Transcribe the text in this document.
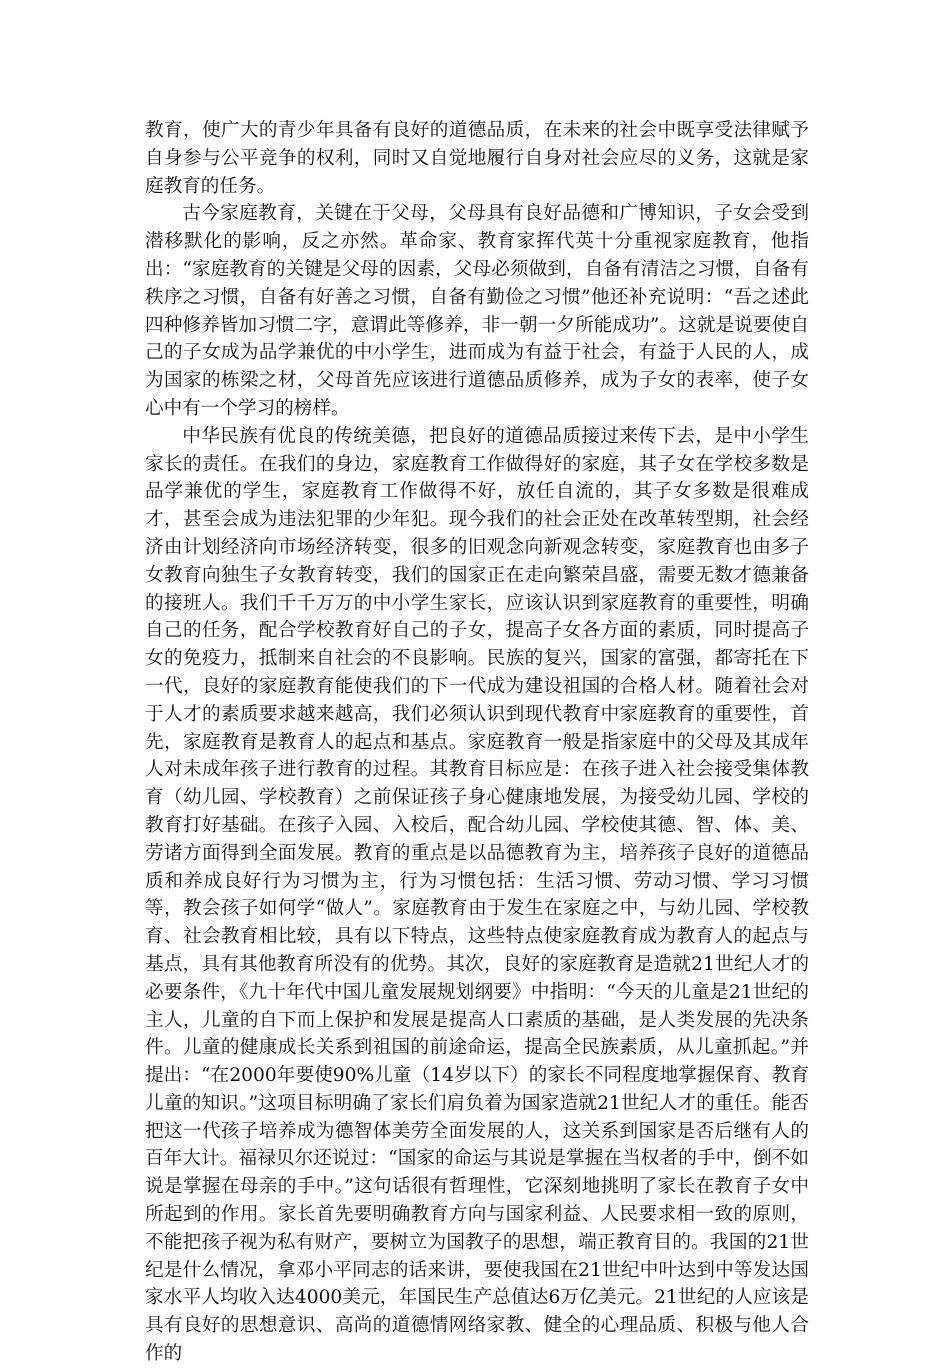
教育，使广大的青少年具备有良好的道德品质，在未来的社会中既享受法律赋予自身参与公平竞争的权利，同时又自觉地履行自身对社会应尽的义务，这就是家庭教育的任务。

古今家庭教育，关键在于父母，父母具有良好品德和广博知识，子女会受到潜移默化的影响，反之亦然。革命家、教育家挥代英十分重视家庭教育，他指出：“家庭教育的关键是父母的因素，父母必须做到，自备有清洁之习惯，自备有秩序之习惯，自备有好善之习惯，自备有勤俭之习惯”他还补充说明：“吾之述此四种修养皆加习惯二字，意谓此等修养，非一朝一夕所能成功”。这就是说要使自己的子女成为品学兼优的中小学生，进而成为有益于社会，有益于人民的人，成为国家的栋梁之材，父母首先应该进行道德品质修养，成为子女的表率，使子女心中有一个学习的榜样。

中华民族有优良的传统美德，把良好的道德品质接过来传下去，是中小学生家长的责任。在我们的身边，家庭教育工作做得好的家庭，其子女在学校多数是品学兼优的学生，家庭教育工作做得不好，放任自流的，其子女多数是很难成才，甚至会成为违法犯罪的少年犯。现今我们的社会正处在改革转型期，社会经济由计划经济向市场经济转变，很多的旧观念向新观念转变，家庭教育也由多子女教育向独生子女教育转变，我们的国家正在走向繁荣昌盛，需要无数才德兼备的接班人。我们千千万万的中小学生家长，应该认识到家庭教育的重要性，明确自己的任务，配合学校教育好自己的子女，提高子女各方面的素质，同时提高子女的免疫力，抵制来自社会的不良影响。民族的复兴，国家的富强，都寄托在下一代，良好的家庭教育能使我们的下一代成为建设祖国的合格人材。随着社会对于人才的素质要求越来越高，我们必须认识到现代教育中家庭教育的重要性，首先，家庭教育是教育人的起点和基点。家庭教育一般是指家庭中的父母及其成年人对未成年孩子进行教育的过程。其教育目标应是：在孩子进入社会接受集体教育（幼儿园、学校教育）之前保证孩子身心健康地发展，为接受幼儿园、学校的教育打好基础。在孩子入园、入校后，配合幼儿园、学校使其德、智、体、美、劳诸方面得到全面发展。教育的重点是以品德教育为主，培养孩子良好的道德品质和养成良好行为习惯为主，行为习惯包括：生活习惯、劳动习惯、学习习惯等，教会孩子如何学“做人”。家庭教育由于发生在家庭之中，与幼儿园、学校教育、社会教育相比较，具有以下特点，这些特点使家庭教育成为教育人的起点与基点，具有其他教育所没有的优势。其次，良好的家庭教育是造就21世纪人才的必要条件，《九十年代中国儿童发展规划纲要》中指明：“今天的儿童是21世纪的主人，儿童的自下而上保护和发展是提高人口素质的基础，是人类发展的先决条件。儿童的健康成长关系到祖国的前途命运，提高全民族素质，从儿童抓起。”并提出：“在2000年要使90%儿童（14岁以下）的家长不同程度地掌握保育、教育儿童的知识。”这项目标明确了家长们肩负着为国家造就21世纪人才的重任。能否把这一代孩子培养成为德智体美劳全面发展的人，这关系到国家是否后继有人的百年大计。福禄贝尔还说过：“国家的命运与其说是掌握在当权者的手中，倒不如说是掌握在母亲的手中。”这句话很有哲理性，它深刻地挑明了家长在教育子女中所起到的作用。家长首先要明确教育方向与国家利益、人民要求相一致的原则，不能把孩子视为私有财产，要树立为国教子的思想，端正教育目的。我国的21世纪是什么情况，拿邓小平同志的话来讲，要使我国在21世纪中叶达到中等发达国家水平人均收入达4000美元，年国民生产总值达6万亿美元。21世纪的人应该是具有良好的思想意识、高尚的道德情网络家教、健全的心理品质、积极与他人合作的
